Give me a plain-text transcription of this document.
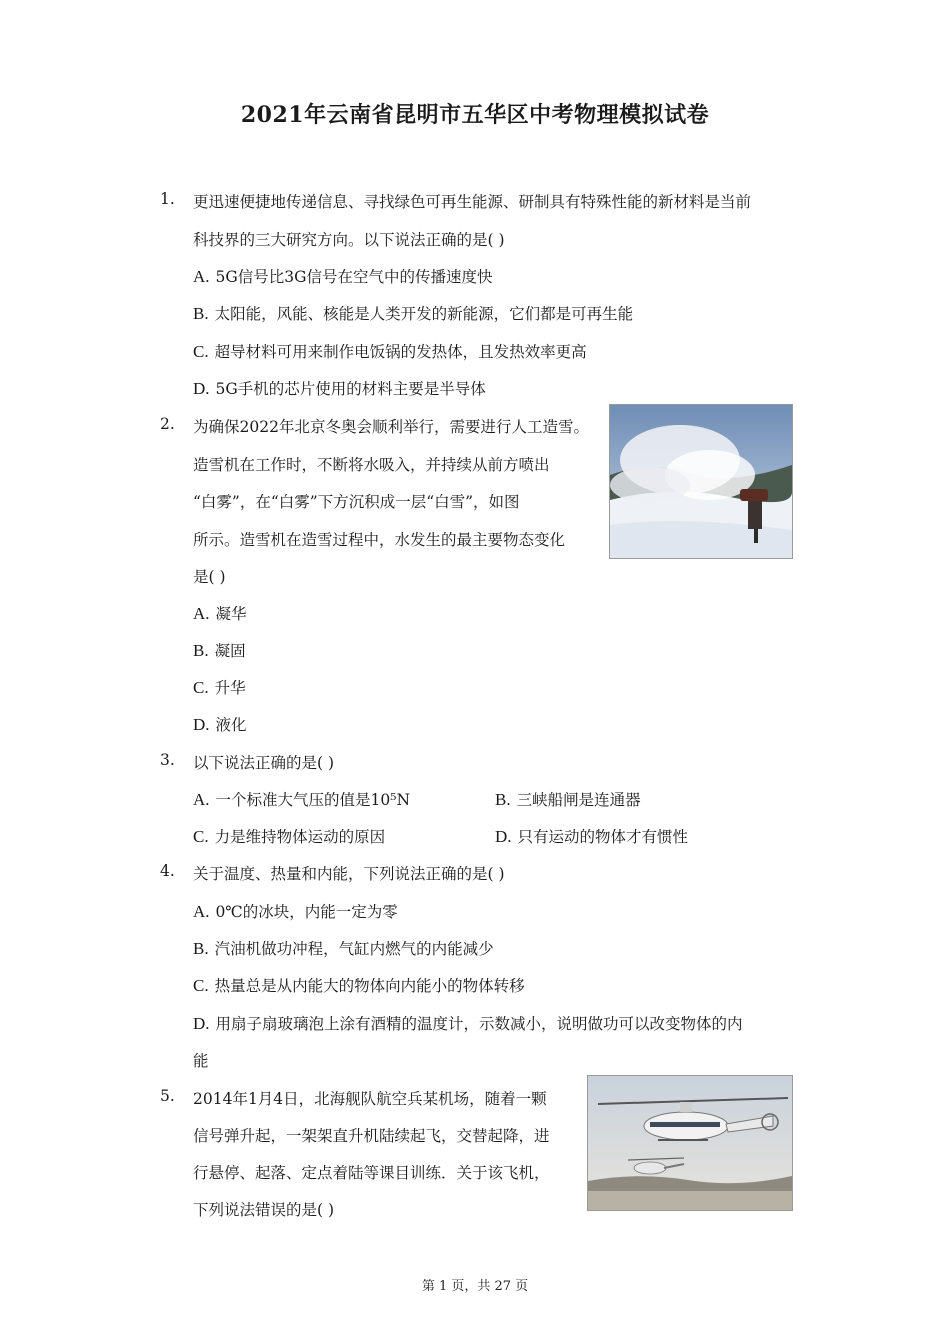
2021年云南省昆明市五华区中考物理模拟试卷
1. 更迅速便捷地传递信息、寻找绿色可再生能源、研制具有特殊性能的新材料是当前
科技界的三大研究方向。以下说法正确的是( )
A. 5G信号比3G信号在空气中的传播速度快
B. 太阳能，风能、核能是人类开发的新能源，它们都是可再生能
C. 超导材料可用来制作电饭锅的发热体，且发热效率更高
D. 5G手机的芯片使用的材料主要是半导体
2. 为确保2022年北京冬奥会顺利举行，需要进行人工造雪。
造雪机在工作时，不断将水吸入，并持续从前方喷出
“白雾”，在“白雾”下方沉积成一层“白雪”，如图
所示。造雪机在造雪过程中，水发生的最主要物态变化
是( )
A. 凝华
B. 凝固
C. 升华
D. 液化
3. 以下说法正确的是( )
A. 一个标准大气压的值是10⁵N	B. 三峡船闸是连通器
C. 力是维持物体运动的原因	D. 只有运动的物体才有惯性
4. 关于温度、热量和内能，下列说法正确的是( )
A. 0℃的冰块，内能一定为零
B. 汽油机做功冲程，气缸内燃气的内能减少
C. 热量总是从内能大的物体向内能小的物体转移
D. 用扇子扇玻璃泡上涂有酒精的温度计，示数减小，说明做功可以改变物体的内
能
5. 2014年1月4日，北海舰队航空兵某机场，随着一颗
信号弹升起，一架架直升机陆续起飞，交替起降，进
行悬停、起落、定点着陆等课目训练．关于该飞机，
下列说法错误的是( )
第 1 页，共 27 页
